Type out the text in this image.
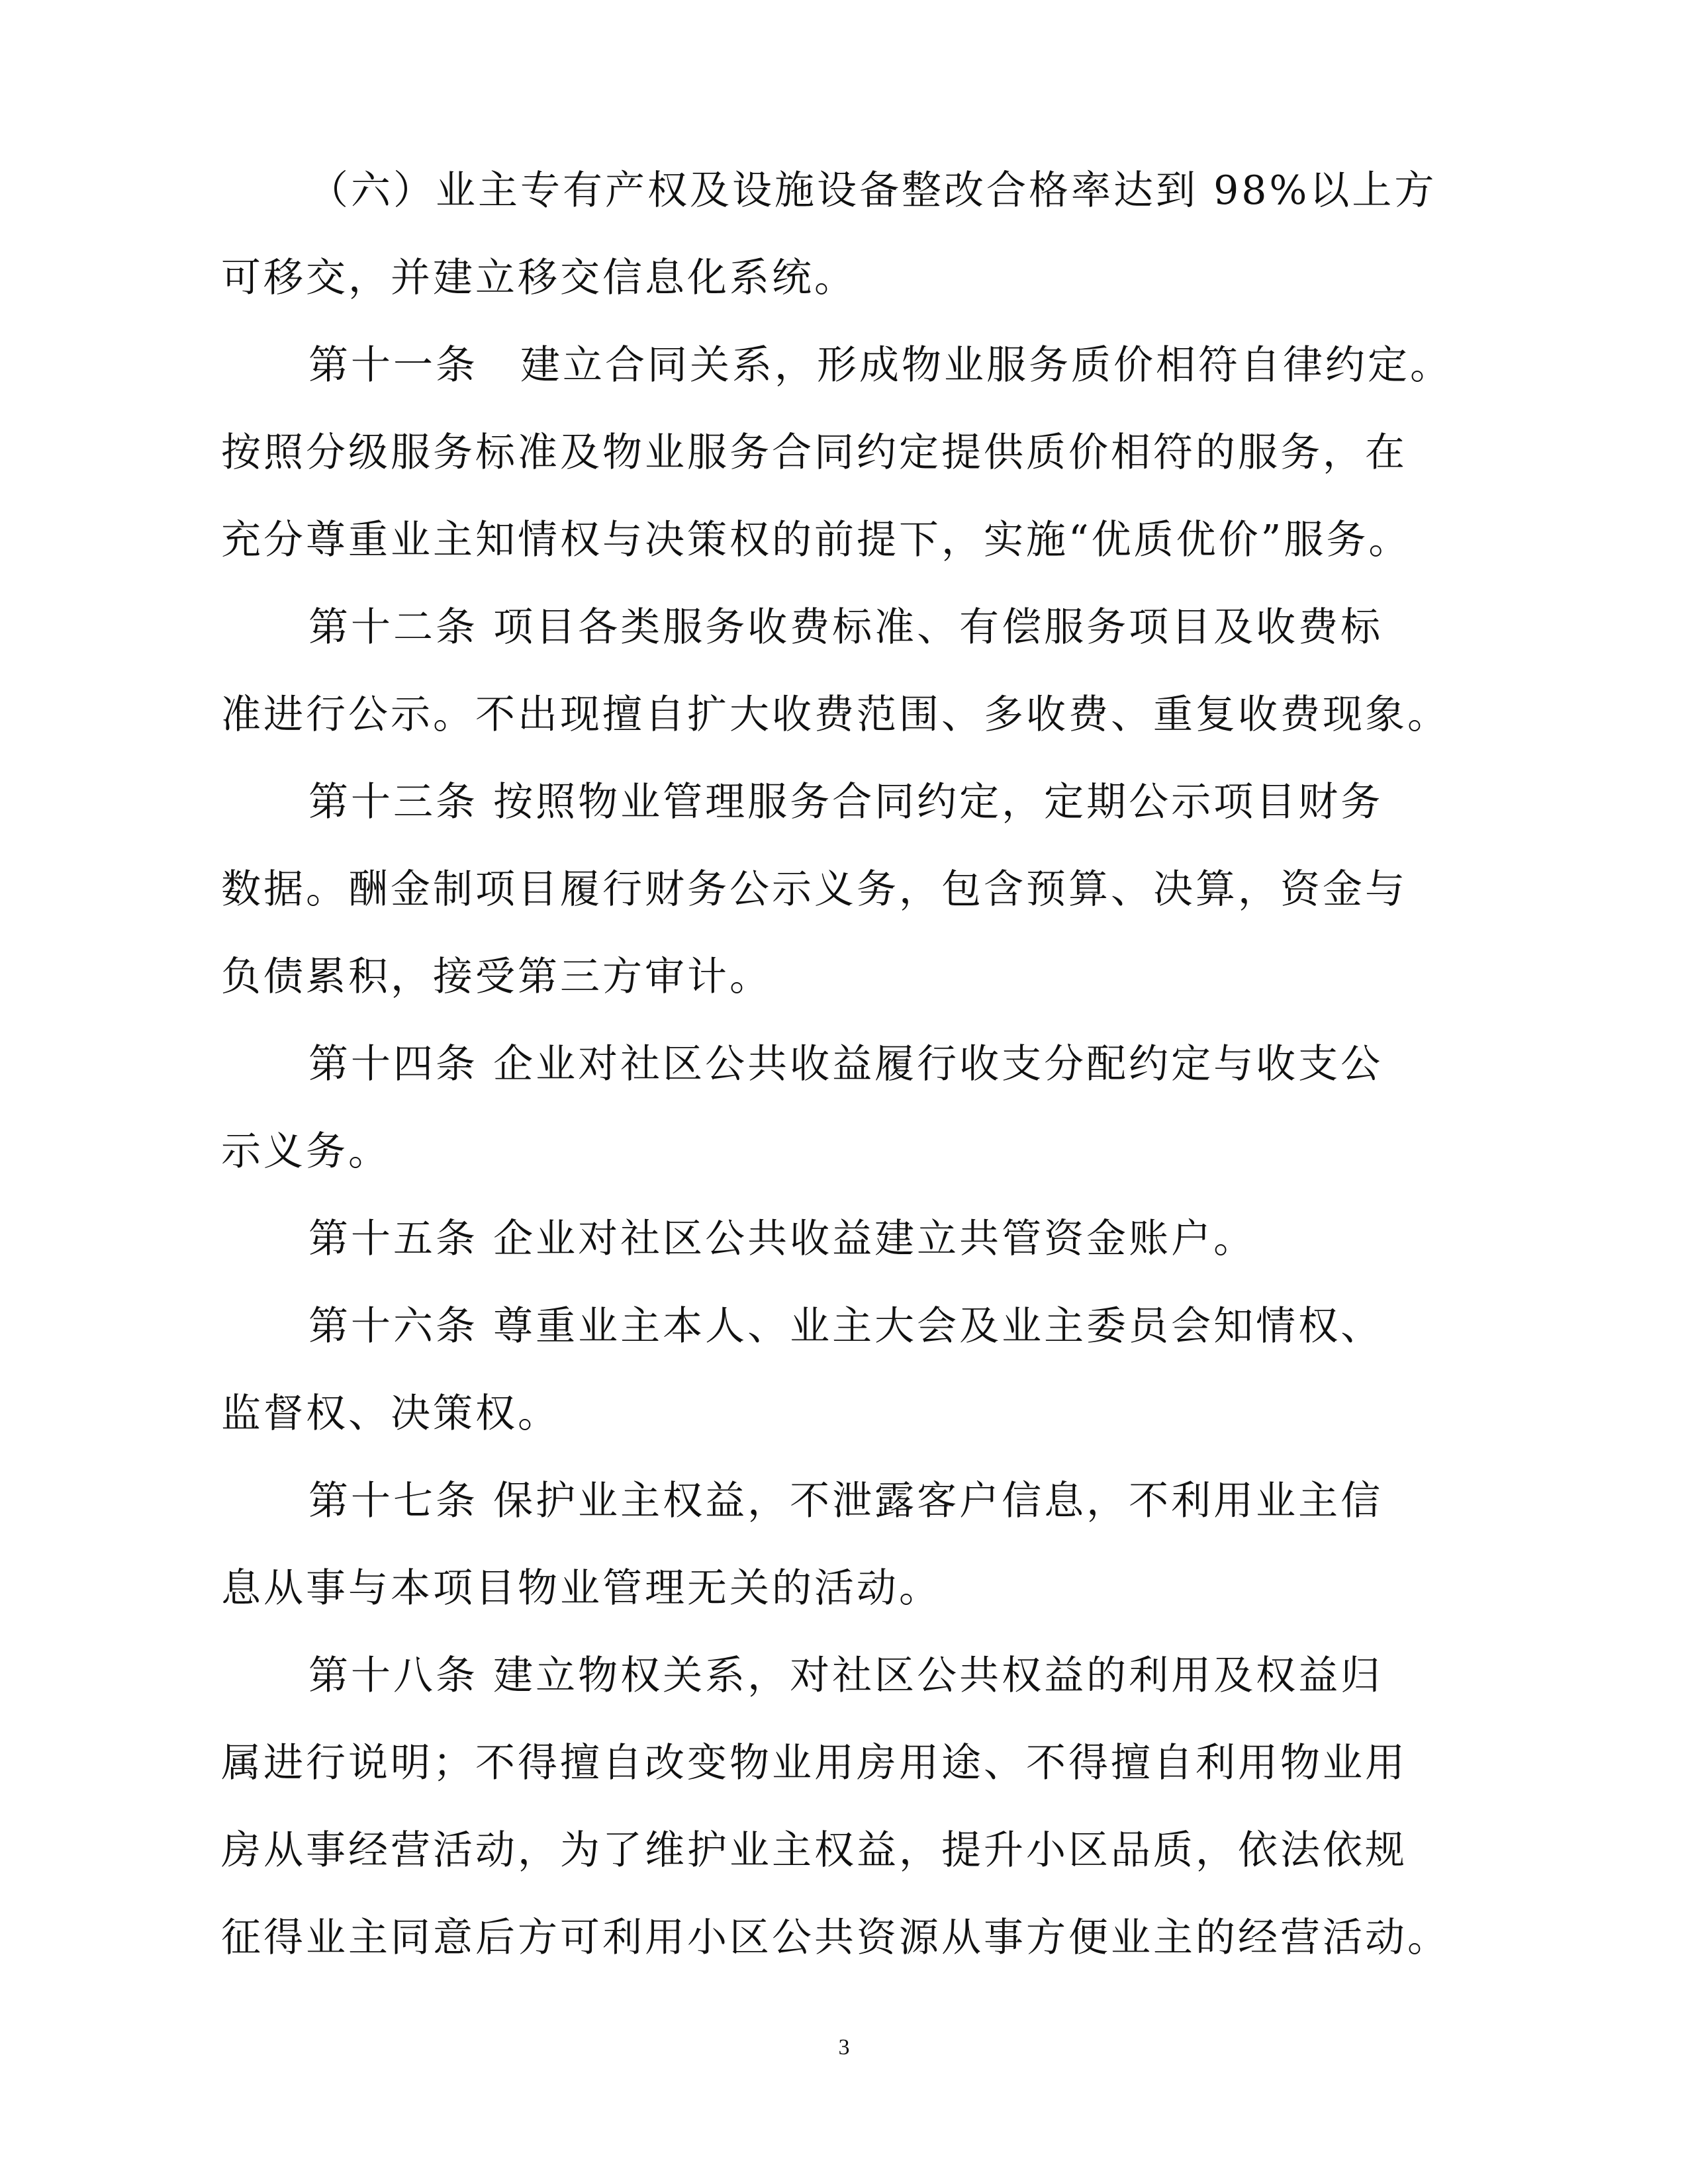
（六）业主专有产权及设施设备整改合格率达到 98%以上方
可移交，并建立移交信息化系统。
第十一条　建立合同关系，形成物业服务质价相符自律约定。
按照分级服务标准及物业服务合同约定提供质价相符的服务，在
充分尊重业主知情权与决策权的前提下，实施“优质优价”服务。
第十二条 项目各类服务收费标准、有偿服务项目及收费标
准进行公示。不出现擅自扩大收费范围、多收费、重复收费现象。
第十三条 按照物业管理服务合同约定，定期公示项目财务
数据。酬金制项目履行财务公示义务，包含预算、决算，资金与
负债累积，接受第三方审计。
第十四条 企业对社区公共收益履行收支分配约定与收支公
示义务。
第十五条 企业对社区公共收益建立共管资金账户。
第十六条 尊重业主本人、业主大会及业主委员会知情权、
监督权、决策权。
第十七条 保护业主权益，不泄露客户信息，不利用业主信
息从事与本项目物业管理无关的活动。
第十八条 建立物权关系，对社区公共权益的利用及权益归
属进行说明；不得擅自改变物业用房用途、不得擅自利用物业用
房从事经营活动，为了维护业主权益，提升小区品质，依法依规
征得业主同意后方可利用小区公共资源从事方便业主的经营活动。
3
